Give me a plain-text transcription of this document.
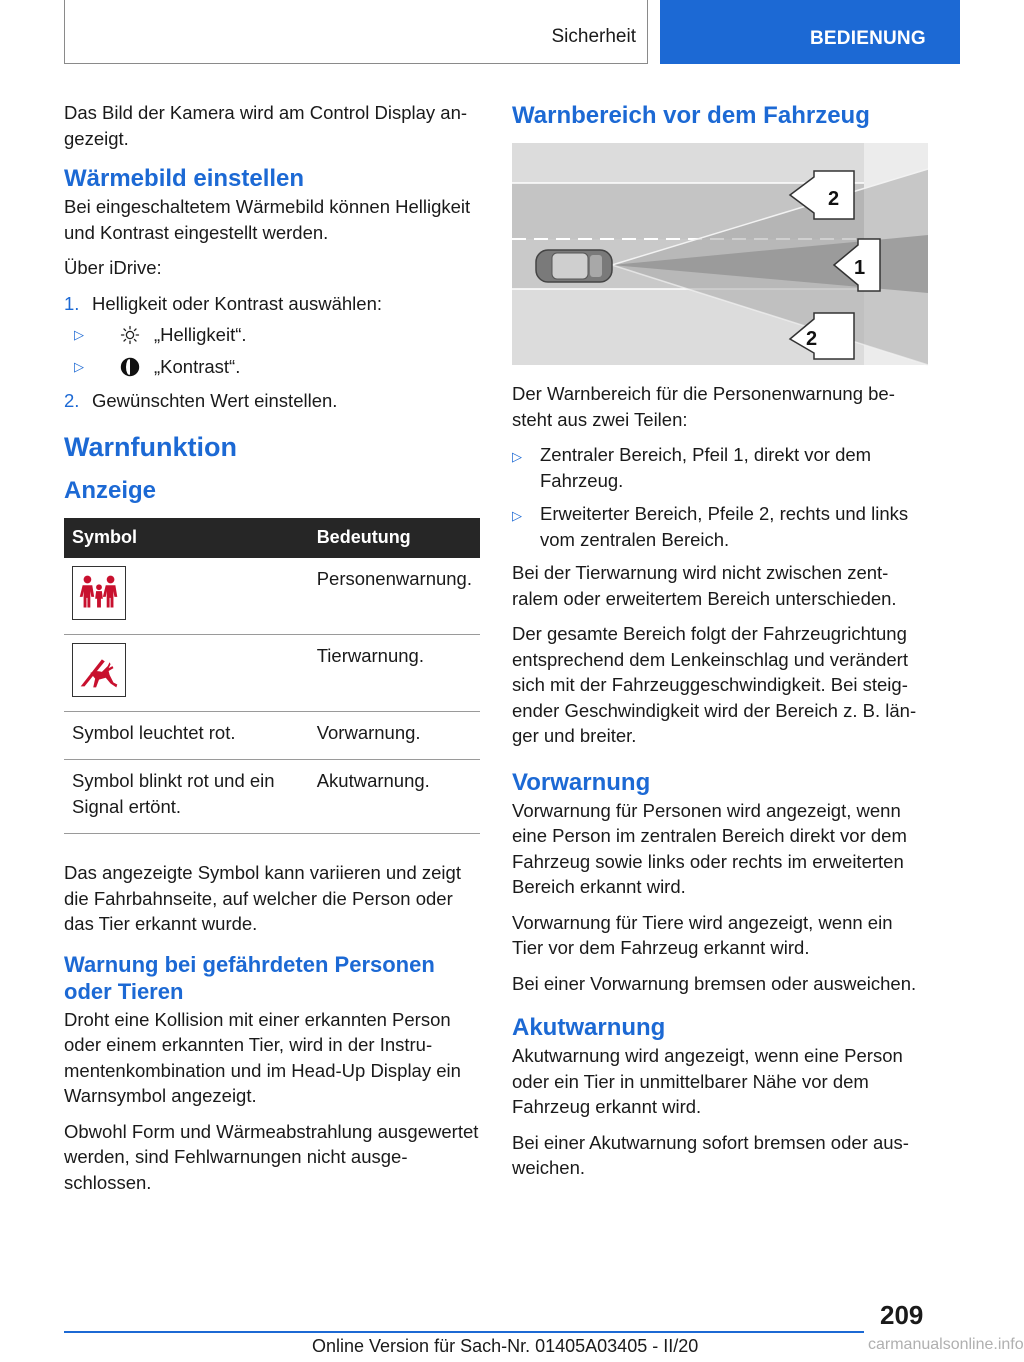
Sicherheit	BEDIENUNG

Das Bild der Kamera wird am Control Display angezeigt.

Wärmebild einstellen

Bei eingeschaltetem Wärmebild können Helligkeit und Kontrast eingestellt werden.

Über iDrive:

1. Helligkeit oder Kontrast auswählen:
▷	„Helligkeit“.
▷	„Kontrast“.
2. Gewünschten Wert einstellen.
Warnfunktion
Anzeige
Symbol	Bedeutung

	Personenwarnung.

	Tierwarnung.
Symbol leuchtet rot.	Vorwarnung.
Symbol blinkt rot und ein Signal ertönt.	Akutwarnung.

Das angezeigte Symbol kann variieren und zeigt die Fahrbahnseite, auf welcher die Person oder das Tier erkannt wurde.

Warnung bei gefährdeten Personen oder Tieren

Droht eine Kollision mit einer erkannten Person oder einem erkannten Tier, wird in der Instrumentenkombination und im Head-Up Display ein Warnsymbol angezeigt.

Obwohl Form und Wärmeabstrahlung ausgewertet werden, sind Fehlwarnungen nicht ausgeschlossen.

Warnbereich vor dem Fahrzeug
2
1
2

Der Warnbereich für die Personenwarnung besteht aus zwei Teilen:

▷ Zentraler Bereich, Pfeil 1, direkt vor dem Fahrzeug.
▷ Erweiterter Bereich, Pfeile 2, rechts und links vom zentralen Bereich.

Bei der Tierwarnung wird nicht zwischen zentralem oder erweitertem Bereich unterschieden.

Der gesamte Bereich folgt der Fahrzeugrichtung entsprechend dem Lenkeinschlag und verändert sich mit der Fahrzeuggeschwindigkeit. Bei steigender Geschwindigkeit wird der Bereich z. B. länger und breiter.

Vorwarnung

Vorwarnung für Personen wird angezeigt, wenn eine Person im zentralen Bereich direkt vor dem Fahrzeug sowie links oder rechts im erweiterten Bereich erkannt wird.

Vorwarnung für Tiere wird angezeigt, wenn ein Tier vor dem Fahrzeug erkannt wird.

Bei einer Vorwarnung bremsen oder ausweichen.

Akutwarnung

Akutwarnung wird angezeigt, wenn eine Person oder ein Tier in unmittelbarer Nähe vor dem Fahrzeug erkannt wird.

Bei einer Akutwarnung sofort bremsen oder ausweichen.

209
Online Version für Sach-Nr. 01405A03405 - II/20	carmanualsonline.info
